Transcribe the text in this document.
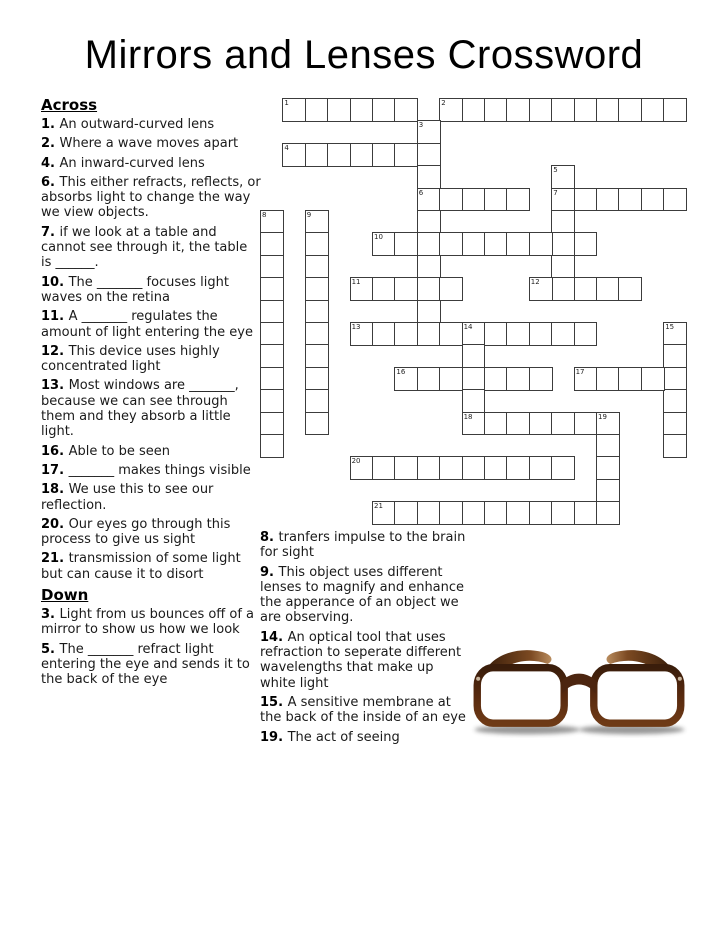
Mirrors and Lenses Crossword
Across

1. An outward-curved lens

2. Where a wave moves apart

4. An inward-curved lens

6. This either refracts, reflects, or absorbs light to change the way we view objects.

7. if we look at a table and cannot see through it, the table is ______.

10. The _______ focuses light waves on the retina

11. A _______ regulates the amount of light entering the eye

12. This device uses highly concentrated light

13. Most windows are _______, because we can see through them and they absorb a little light.

16. Able to be seen

17. _______ makes things visible

18. We use this to see our reflection.

20. Our eyes go through this process to give us sight

21. transmission of some light but can cause it to disort

Down

3. Light from us bounces off of a mirror to show us how we look

5. The _______ refract light entering the eye and sends it to the back of the eye

1	2
3
6
4
5
7
8	9
10
11	12
13	14
18
15
16	17
19
20
21

8. tranfers impulse to the brain for sight

9. This object uses different lenses to magnify and enhance the apperance of an object we are observing.

14. An optical tool that uses refraction to seperate different wavelengths that make up white light

15. A sensitive membrane at the back of the inside of an eye

19. The act of seeing
